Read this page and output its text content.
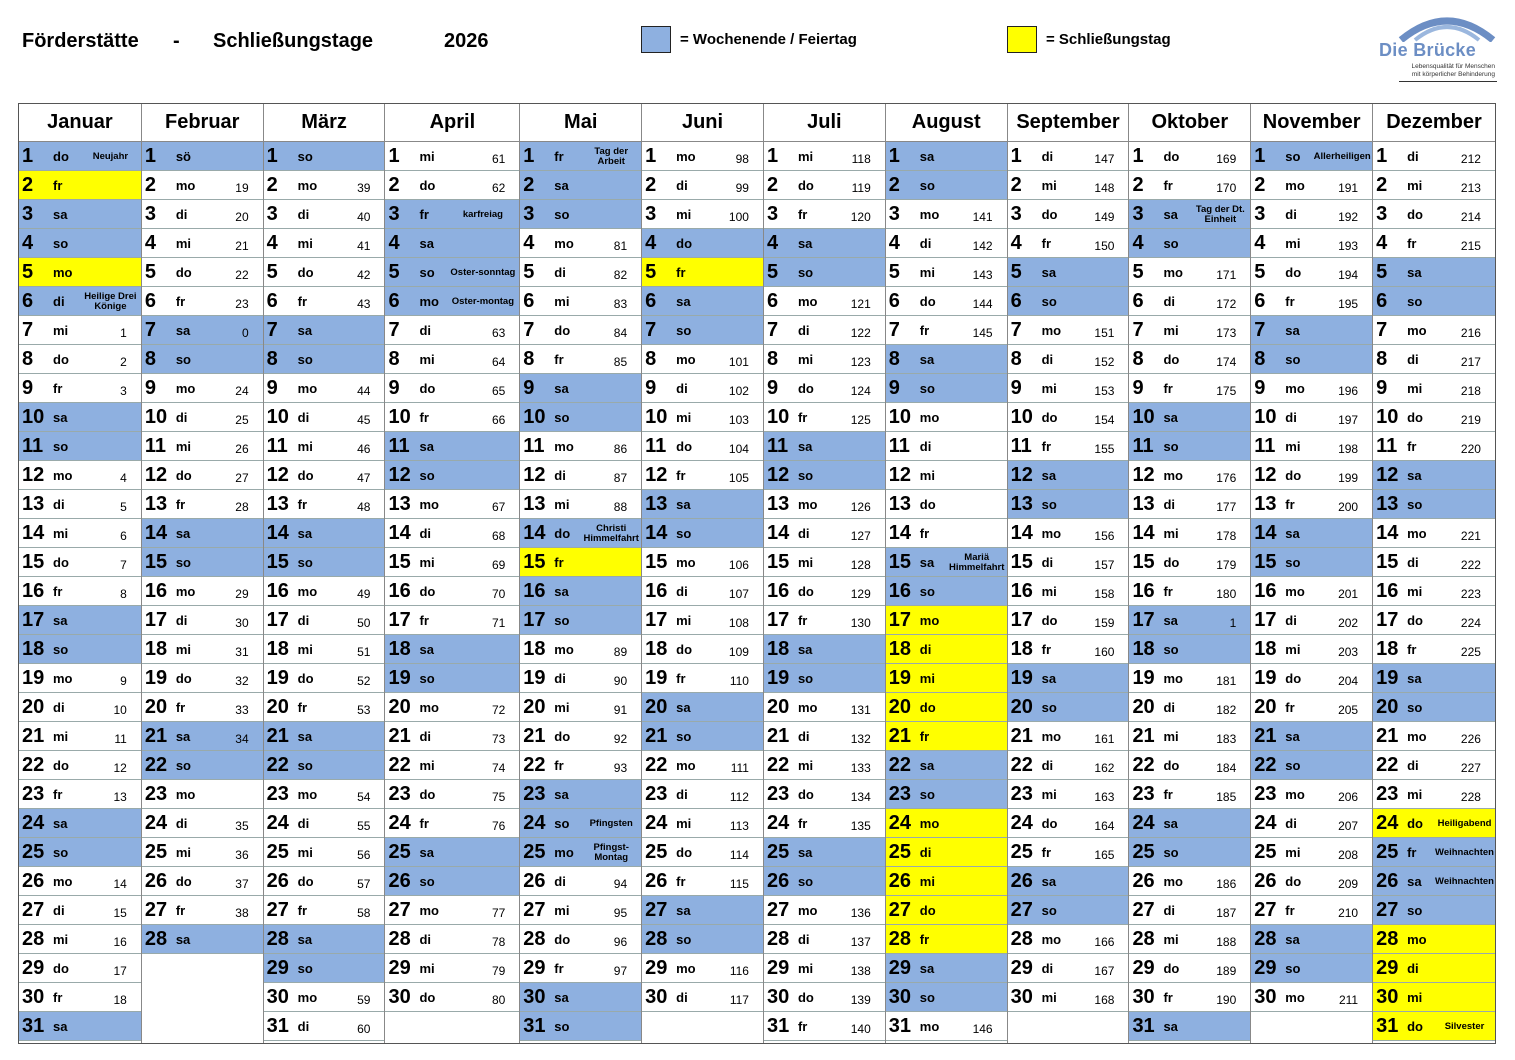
Förderstätte - Schließungstage	2026	= Wochenende / Feiertag	= Schließungstag
Die Brücke
Lebensqualität für Menschen
mit körperlicher Behinderung
Januar
1 do	Neujahr
2 fr
3 sa
4 so
5 mo
6 di	Heilige Drei Könige
7 mi	1
8 do	2
9 fr	3
10 sa
11 so
12 mo	4
13 di	5
14 mi	6
15 do	7
16 fr	8
17 sa
18 so
19 mo	9
20 di	10
21 mi	11
22 do	12
23 fr	13
24 sa
25 so
26 mo	14
27 di	15
28 mi	16
29 do	17
30 fr	18
31 sa
Februar
1 sö
2 mo	19
3 di	20
4 mi	21
5 do	22
6 fr	23
7 sa	0
8 so
9 mo	24
10 di	25
11 mi	26
12 do	27
13 fr	28
14 sa
15 so
16 mo	29
17 di	30
18 mi	31
19 do	32
20 fr	33
21 sa	34
22 so
23 mo
24 di	35
25 mi	36
26 do	37
27 fr	38
28 sa
März
1 so
2 mo	39
3 di	40
4 mi	41
5 do	42
6 fr	43
7 sa
8 so
9 mo	44
10 di	45
11 mi	46
12 do	47
13 fr	48
14 sa
15 so
16 mo	49
17 di	50
18 mi	51
19 do	52
20 fr	53
21 sa
22 so
23 mo	54
24 di	55
25 mi	56
26 do	57
27 fr	58
28 sa
29 so
30 mo	59
31 di	60
April
1 mi	61
2 do	62
3 fr	karfreiag
4 sa
5 so	Oster-sonntag
6 mo	Oster-montag
7 di	63
8 mi	64
9 do	65
10 fr	66
11 sa
12 so
13 mo	67
14 di	68
15 mi	69
16 do	70
17 fr	71
18 sa
19 so
20 mo	72
21 di	73
22 mi	74
23 do	75
24 fr	76
25 sa
26 so
27 mo	77
28 di	78
29 mi	79
30 do	80
Mai
1 fr	Tag der Arbeit
2 sa
3 so
4 mo	81
5 di	82
6 mi	83
7 do	84
8 fr	85
9 sa
10 so
11 mo	86
12 di	87
13 mi	88
14 do	Christi Himmelfahrt
15 fr
16 sa
17 so
18 mo	89
19 di	90
20 mi	91
21 do	92
22 fr	93
23 sa
24 so	Pfingsten
25 mo	Pfingst-Montag
26 di	94
27 mi	95
28 do	96
29 fr	97
30 sa
31 so
Juni
1 mo	98
2 di	99
3 mi	100
4 do
5 fr
6 sa
7 so
8 mo	101
9 di	102
10 mi	103
11 do	104
12 fr	105
13 sa
14 so
15 mo	106
16 di	107
17 mi	108
18 do	109
19 fr	110
20 sa
21 so
22 mo	111
23 di	112
24 mi	113
25 do	114
26 fr	115
27 sa
28 so
29 mo	116
30 di	117
Juli
1 mi	118
2 do	119
3 fr	120
4 sa
5 so
6 mo	121
7 di	122
8 mi	123
9 do	124
10 fr	125
11 sa
12 so
13 mo	126
14 di	127
15 mi	128
16 do	129
17 fr	130
18 sa
19 so
20 mo	131
21 di	132
22 mi	133
23 do	134
24 fr	135
25 sa
26 so
27 mo	136
28 di	137
29 mi	138
30 do	139
31 fr	140
August
1 sa
2 so
3 mo	141
4 di	142
5 mi	143
6 do	144
7 fr	145
8 sa
9 so
10 mo
11 di
12 mi
13 do
14 fr
15 sa	Mariä Himmelfahrt
16 so
17 mo
18 di
19 mi
20 do
21 fr
22 sa
23 so
24 mo
25 di
26 mi
27 do
28 fr
29 sa
30 so
31 mo	146
September
1 di	147
2 mi	148
3 do	149
4 fr	150
5 sa
6 so
7 mo	151
8 di	152
9 mi	153
10 do	154
11 fr	155
12 sa
13 so
14 mo	156
15 di	157
16 mi	158
17 do	159
18 fr	160
19 sa
20 so
21 mo	161
22 di	162
23 mi	163
24 do	164
25 fr	165
26 sa
27 so
28 mo	166
29 di	167
30 mi	168
Oktober
1 do	169
2 fr	170
3 sa	Tag der Dt. Einheit
4 so
5 mo	171
6 di	172
7 mi	173
8 do	174
9 fr	175
10 sa
11 so
12 mo	176
13 di	177
14 mi	178
15 do	179
16 fr	180
17 sa	1
18 so
19 mo	181
20 di	182
21 mi	183
22 do	184
23 fr	185
24 sa
25 so
26 mo	186
27 di	187
28 mi	188
29 do	189
30 fr	190
31 sa
November
1 so Allerheiligen
2 mo	191
3 di	192
4 mi	193
5 do	194
6 fr	195
7 sa
8 so
9 mo	196
10 di	197
11 mi	198
12 do	199
13 fr	200
14 sa
15 so
16 mo	201
17 di	202
18 mi	203
19 do	204
20 fr	205
21 sa
22 so
23 mo	206
24 di	207
25 mi	208
26 do	209
27 fr	210
28 sa
29 so
30 mo	211
Dezember
1 di	212
2 mi	213
3 do	214
4 fr	215
5 sa
6 so
7 mo	216
8 di	217
9 mi	218
10 do	219
11 fr	220
12 sa
13 so
14 mo	221
15 di	222
16 mi	223
17 do	224
18 fr	225
19 sa
20 so
21 mo	226
22 di	227
23 mi	228
24 do Heiligabend
25 fr Weihnachten
26 sa Weihnachten
27 so
28 mo
29 di
30 mi
31 do	Silvester
